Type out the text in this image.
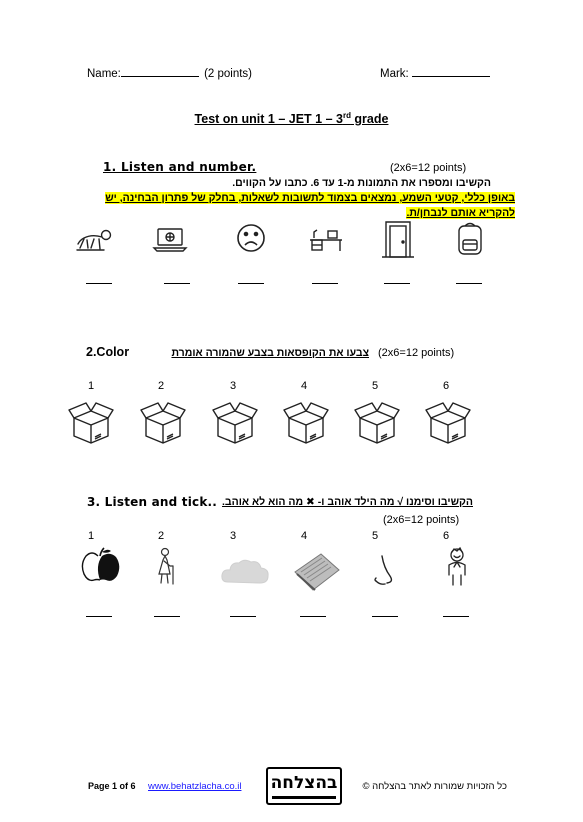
Name:	(2 points)	Mark:
Test on unit 1 – JET 1 – 3rd grade
1. Listen and number.	(2x6=12 points)
הקשיבו ומספרו את התמונות מ-1 עד 6. כתבו על הקווים.
באופן כללי, קטעי השמע, נמצאים בצמוד לתשובות לשאלות, בחלק של פתרון הבחינה, יש
להקריא אותם לנבחן/ת.
2.Color	צבעו את הקופסאות בצבע שהמורה אומרת (2x6=12 points)
1	2	3	4	5	6
3. Listen and tick.. הקשיבו וסימנו √ מה הילד אוהב ו- ✖ מה הוא לא אוהב.
(2x6=12 points)
1	2	3	4	5	6
Page 1 of 6 www.behatzlacha.co.il בהצלחה	כל הזכויות שמורות לאתר בהצלחה ©
